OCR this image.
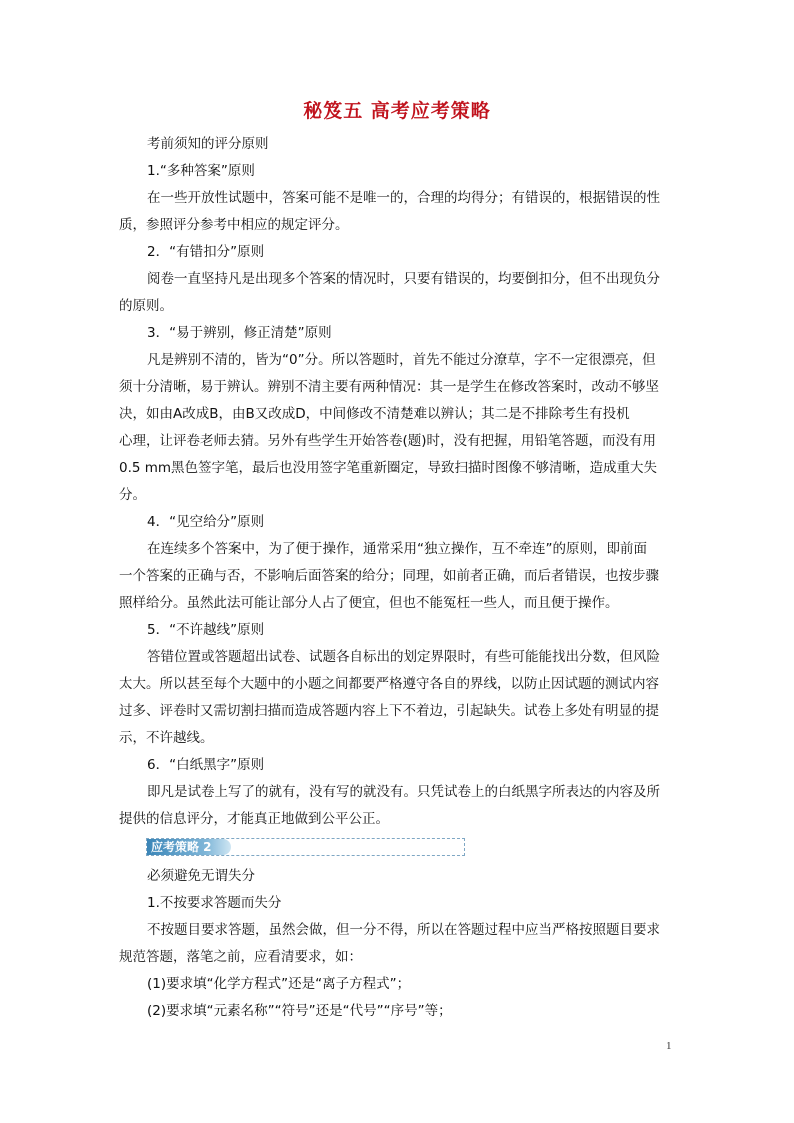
秘笈五 高考应考策略
考前须知的评分原则
1.“多种答案”原则
在一些开放性试题中，答案可能不是唯一的，合理的均得分；有错误的，根据错误的性
质，参照评分参考中相应的规定评分。
2．“有错扣分”原则
阅卷一直坚持凡是出现多个答案的情况时，只要有错误的，均要倒扣分，但不出现负分
的原则。
3．“易于辨别，修正清楚”原则
凡是辨别不清的，皆为“0”分。所以答题时，首先不能过分潦草，字不一定很漂亮，但
须十分清晰，易于辨认。辨别不清主要有两种情况：其一是学生在修改答案时，改动不够坚
决，如由A改成B，由B又改成D，中间修改不清楚难以辨认；其二是不排除考生有投机
心理，让评卷老师去猜。另外有些学生开始答卷(题)时，没有把握，用铅笔答题，而没有用
0.5 mm黑色签字笔，最后也没用签字笔重新圈定，导致扫描时图像不够清晰，造成重大失
分。
4．“见空给分”原则
在连续多个答案中，为了便于操作，通常采用“独立操作，互不牵连”的原则，即前面
一个答案的正确与否，不影响后面答案的给分；同理，如前者正确，而后者错误，也按步骤
照样给分。虽然此法可能让部分人占了便宜，但也不能冤枉一些人，而且便于操作。
5．“不许越线”原则
答错位置或答题超出试卷、试题各自标出的划定界限时，有些可能能找出分数，但风险
太大。所以甚至每个大题中的小题之间都要严格遵守各自的界线，以防止因试题的测试内容
过多、评卷时又需切割扫描而造成答题内容上下不着边，引起缺失。试卷上多处有明显的提
示，不许越线。
6．“白纸黑字”原则
即凡是试卷上写了的就有，没有写的就没有。只凭试卷上的白纸黑字所表达的内容及所
提供的信息评分，才能真正地做到公平公正。
应考策略 2
必须避免无谓失分
1.不按要求答题而失分
不按题目要求答题，虽然会做，但一分不得，所以在答题过程中应当严格按照题目要求
规范答题，落笔之前，应看清要求，如：
(1)要求填“化学方程式”还是“离子方程式”；
(2)要求填“元素名称”“符号”还是“代号”“序号”等；
1
